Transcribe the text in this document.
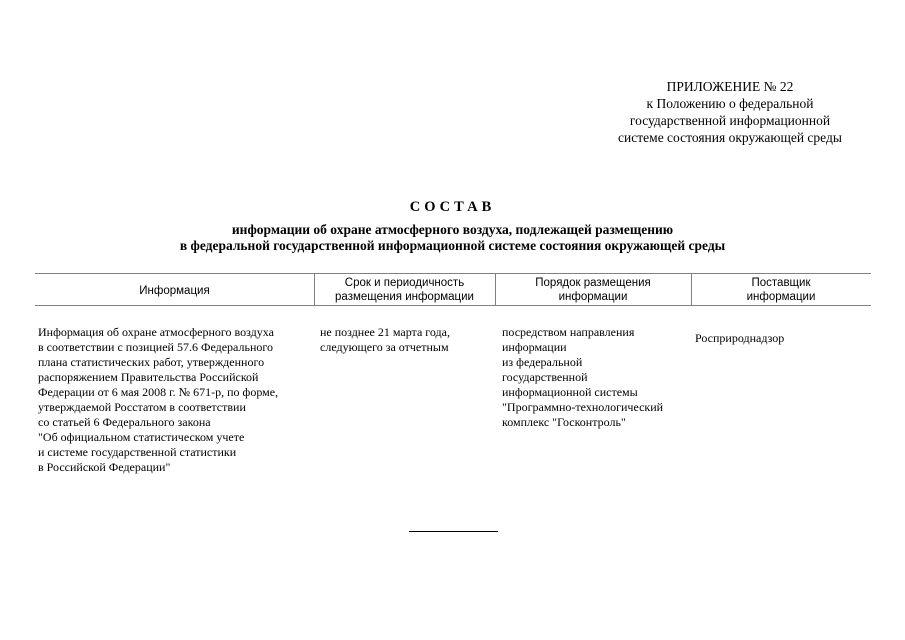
ПРИЛОЖЕНИЕ № 22
к Положению о федеральной
государственной информационной
системе состояния окружающей среды
СОСТАВ
информации об охране атмосферного воздуха, подлежащей размещению
в федеральной государственной информационной системе состояния окружающей среды
Информация
Срок и периодичность
размещения информации
Порядок размещения
информации
Поставщик
информации
Информация об охране атмосферного воздуха
в соответствии с позицией 57.6 Федерального
плана статистических работ, утвержденного
распоряжением Правительства Российской
Федерации от 6 мая 2008 г. № 671-р, по форме,
утверждаемой Росстатом в соответствии
со статьей 6 Федерального закона
"Об официальном статистическом учете
и системе государственной статистики
в Российской Федерации"
не позднее 21 марта года,
следующего за отчетным
посредством направления
информации
из федеральной
государственной
информационной системы
"Программно-технологический
комплекс "Госконтроль"
Росприроднадзор
